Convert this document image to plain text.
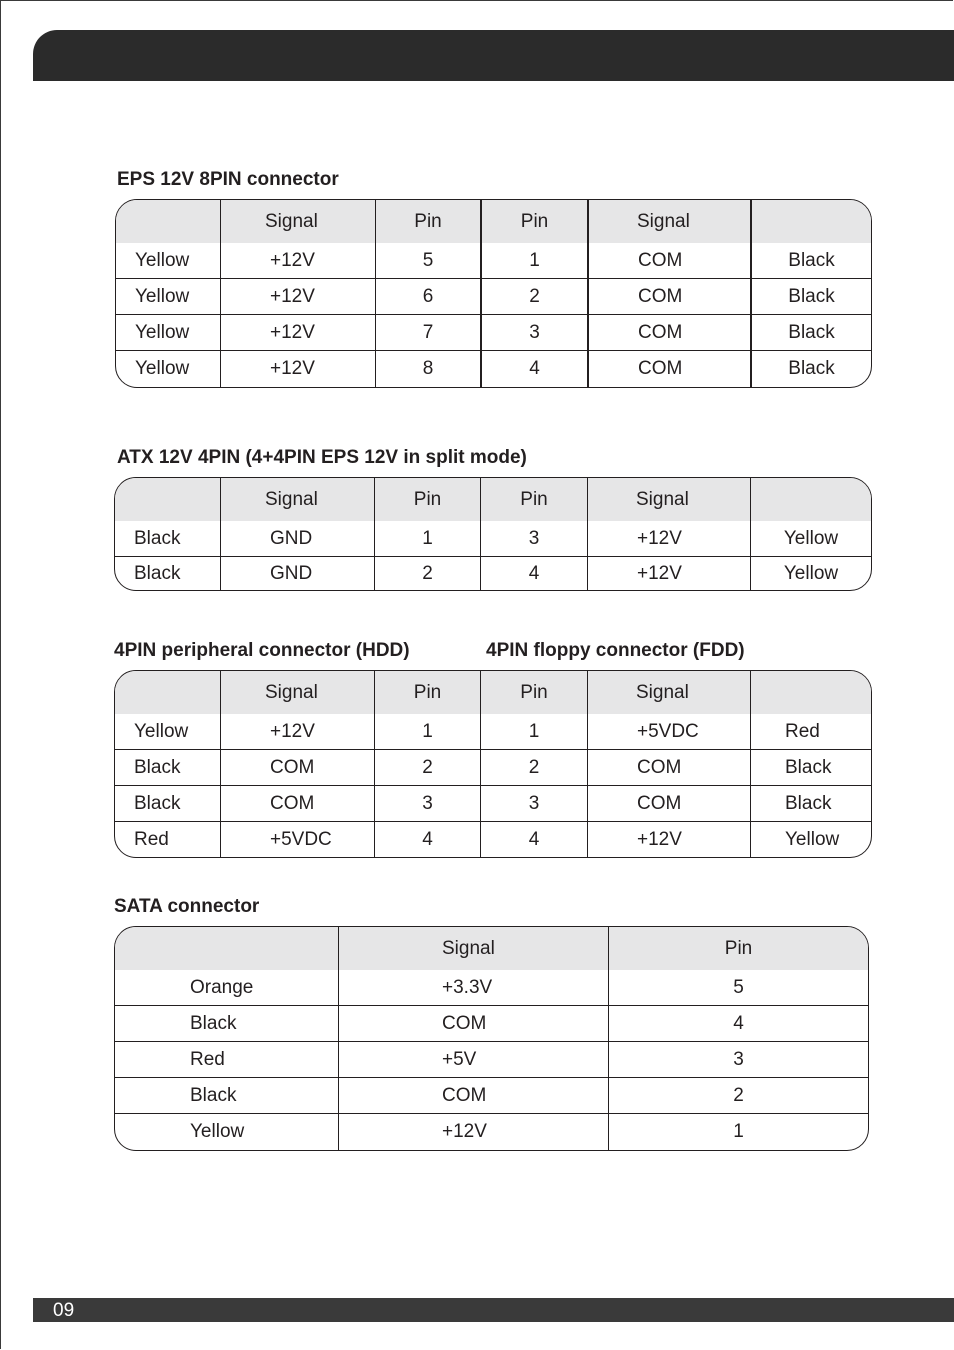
EPS 12V 8PIN connector
	Signal	Pin	Pin	Signal	
Yellow	+12V	5	1	COM	Black
Yellow	+12V	6	2	COM	Black
Yellow	+12V	7	3	COM	Black
Yellow	+12V	8	4	COM	Black
ATX 12V 4PIN (4+4PIN EPS 12V in split mode)
	Signal	Pin	Pin	Signal	
Black	GND	1	3	+12V	Yellow
Black	GND	2	4	+12V	Yellow
4PIN peripheral connector (HDD)	4PIN floppy connector (FDD)
	Signal	Pin	Pin	Signal	
Yellow	+12V	1	1	+5VDC	Red
Black	COM	2	2	COM	Black
Black	COM	3	3	COM	Black
Red	+5VDC	4	4	+12V	Yellow
SATA connector
	Signal	Pin
Orange	+3.3V	5
Black	COM	4
Red	+5V	3
Black	COM	2
Yellow	+12V	1
09
